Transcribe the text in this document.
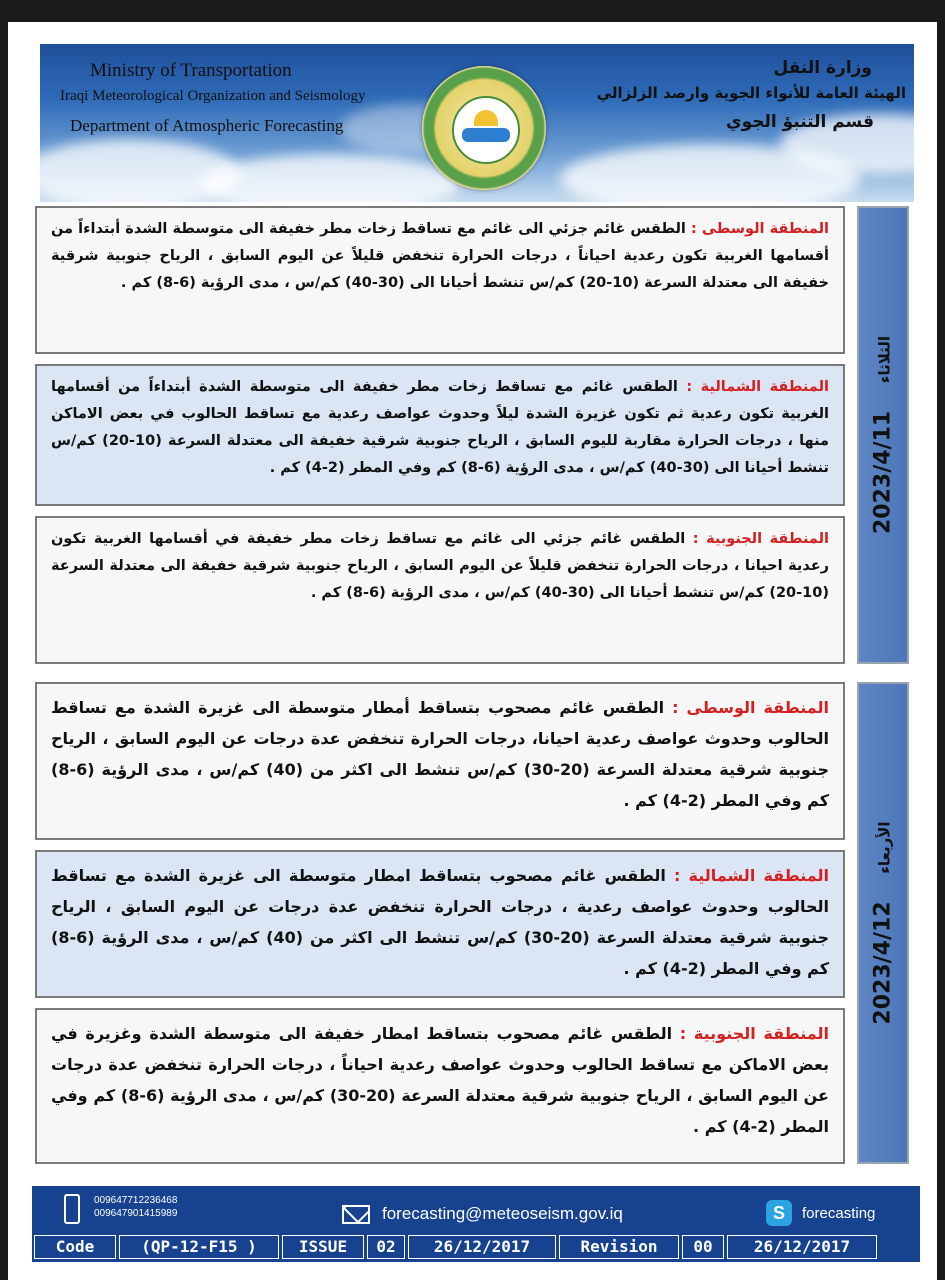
Ministry of Transportation
Iraqi Meteorological Organization and Seismology
Department of Atmospheric Forecasting
وزارة النقل
الهيئة العامة للأنواء الجوية وارصد الزلزالي
قسم التنبؤ الجوي
المنطقة الوسطى : الطقس غائم جزئي الى غائم مع تساقط زخات مطر خفيفة الى متوسطة الشدة أبتداءاً من أقسامها الغربية تكون رعدية احياناً ، درجات الحرارة تنخفض قليلاً عن اليوم السابق ، الرياح جنوبية شرقية خفيفة الى معتدلة السرعة (10-20) كم/س تنشط أحيانا الى (30-40) كم/س ، مدى الرؤية (6-8) كم .
المنطقة الشمالية : الطقس غائم مع تساقط زخات مطر خفيفة الى متوسطة الشدة أبتداءاً من أقسامها الغربية تكون رعدية ثم تكون غزيرة الشدة ليلاً وحدوث عواصف رعدية مع تساقط الحالوب في بعض الاماكن منها ، درجات الحرارة مقاربة لليوم السابق ، الرياح جنوبية شرقية خفيفة الى معتدلة السرعة (10-20) كم/س تنشط أحيانا الى (30-40) كم/س ، مدى الرؤية (6-8) كم وفي المطر (2-4) كم .
المنطقة الجنوبية : الطقس غائم جزئي الى غائم مع تساقط زخات مطر خفيفة في أقسامها الغربية تكون رعدية احيانا ، درجات الحرارة تنخفض قليلاً عن اليوم السابق ، الرياح جنوبية شرقية خفيفة الى معتدلة السرعة (10-20) كم/س تنشط أحيانا الى (30-40) كم/س ، مدى الرؤية (6-8) كم .
2023/4/11 الثلاثاء
المنطقة الوسطى : الطقس غائم مصحوب بتساقط أمطار متوسطة الى غزيرة الشدة مع تساقط الحالوب وحدوث عواصف رعدية احيانا، درجات الحرارة تنخفض عدة درجات عن اليوم السابق ، الرياح جنوبية شرقية معتدلة السرعة (20-30) كم/س تنشط الى اكثر من (40) كم/س ، مدى الرؤية (6-8) كم وفي المطر (2-4) كم .
المنطقة الشمالية : الطقس غائم مصحوب بتساقط امطار متوسطة الى غزيرة الشدة مع تساقط الحالوب وحدوث عواصف رعدية ، درجات الحرارة تنخفض عدة درجات عن اليوم السابق ، الرياح جنوبية شرقية معتدلة السرعة (20-30) كم/س تنشط الى اكثر من (40) كم/س ، مدى الرؤية (6-8) كم وفي المطر (2-4) كم .
المنطقة الجنوبية : الطقس غائم مصحوب بتساقط امطار خفيفة الى متوسطة الشدة وغزيرة في بعض الاماكن مع تساقط الحالوب وحدوث عواصف رعدية احياناً ، درجات الحرارة تنخفض عدة درجات عن اليوم السابق ، الرياح جنوبية شرقية معتدلة السرعة (20-30) كم/س ، مدى الرؤية (6-8) كم وفي المطر (2-4) كم .
2023/4/12 الأربعاء
009647712236468
009647901415989	forecasting@meteoseism.gov.iq	S	forecasting
Code	(QP-12-F15 )	ISSUE	02	26/12/2017	Revision	00	26/12/2017
